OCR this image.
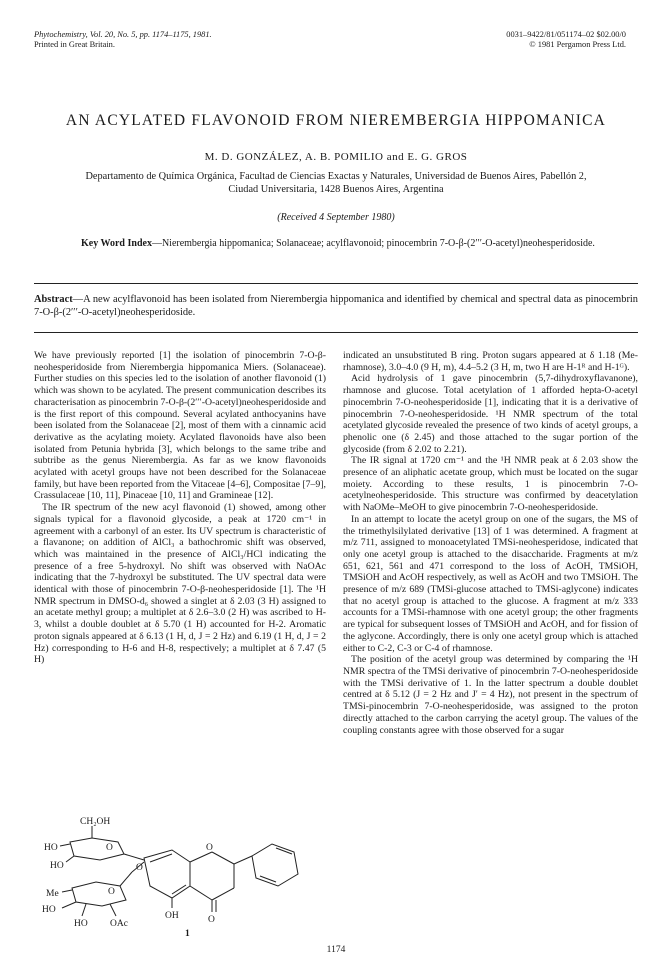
Phytochemistry, Vol. 20, No. 5, pp. 1174–1175, 1981.
Printed in Great Britain.
0031–9422/81/051174–02 $02.00/0
© 1981 Pergamon Press Ltd.
AN ACYLATED FLAVONOID FROM NIEREMBERGIA HIPPOMANICA
M. D. GONZÁLEZ, A. B. POMILIO and E. G. GROS
Departamento de Química Orgánica, Facultad de Ciencias Exactas y Naturales, Universidad de Buenos Aires, Pabellón 2,
Ciudad Universitaria, 1428 Buenos Aires, Argentina
(Received 4 September 1980)
Key Word Index—Nierembergia hippomanica; Solanaceae; acylflavonoid; pinocembrin 7-O-β-(2′′′-O-acetyl)neohesperidoside.
Abstract—A new acylflavonoid has been isolated from Nierembergia hippomanica and identified by chemical and spectral data as pinocembrin 7-O-β-(2′′′-O-acetyl)neohesperidoside.

We have previously reported [1] the isolation of pinocembrin 7-O-β-neohesperidoside from Nierembergia hippomanica Miers. (Solanaceae). Further studies on this species led to the isolation of another flavonoid (1) which was shown to be acylated. The present communication describes its characterisation as pinocembrin 7-O-β-(2′′′-O-acetyl)neohesperidoside and is the first report of this compound. Several acylated anthocyanins have been isolated from the Solanaceae [2], most of them with a cinnamic acid derivative as the acylating moiety. Acylated flavonoids have also been isolated from Petunia hybrida [3], which belongs to the same tribe and subtribe as the genus Nierembergia. As far as we know flavonoids acylated with acetyl groups have not been described for the Solanaceae family, but have been reported from the Vitaceae [4–6], Compositae [7–9], Crassulaceae [10, 11], Pinaceae [10, 11] and Gramineae [12].

The IR spectrum of the new acyl flavonoid (1) showed, among other signals typical for a flavonoid glycoside, a peak at 1720 cm⁻¹ in agreement with a carbonyl of an ester. Its UV spectrum is characteristic of a flavanone; on addition of AlCl₃ a bathochromic shift was observed, which was maintained in the presence of AlCl₃/HCl indicating the presence of a free 5-hydroxyl. No shift was observed with NaOAc indicating that the 7-hydroxyl be substituted. The UV spectral data were identical with those of pinocembrin 7-O-β-neohesperidoside [1]. The ¹H NMR spectrum in DMSO-d₆ showed a singlet at δ 2.03 (3 H) assigned to an acetate methyl group; a multiplet at δ 2.6–3.0 (2 H) was ascribed to H-3, whilst a double doublet at δ 5.70 (1 H) accounted for H-2. Aromatic proton signals appeared at δ 6.13 (1 H, d, J = 2 Hz) and 6.19 (1 H, d, J = 2 Hz) corresponding to H-6 and H-8, respectively; a multiplet at δ 7.47 (5 H)

indicated an unsubstituted B ring. Proton sugars appeared at δ 1.18 (Me-rhamnose), 3.0–4.0 (9 H, m), 4.4–5.2 (3 H, m, two H are H-1ᴿ and H-1ᴳ).

Acid hydrolysis of 1 gave pinocembrin (5,7-dihydroxyflavanone), rhamnose and glucose. Total acetylation of 1 afforded hepta-O-acetyl pinocembrin 7-O-neohesperidoside [1], indicating that it is a derivative of pinocembrin 7-O-neohesperidoside. ¹H NMR spectrum of the total acetylated glycoside revealed the presence of two kinds of acetyl groups, a phenolic one (δ 2.45) and those attached to the sugar portion of the glycoside (from δ 2.02 to 2.21).

The IR signal at 1720 cm⁻¹ and the ¹H NMR peak at δ 2.03 show the presence of an aliphatic acetate group, which must be located on the sugar moiety. According to these results, 1 is pinocembrin 7-O-acetylneohesperidoside. This structure was confirmed by deacetylation with NaOMe–MeOH to give pinocembrin 7-O-neohesperidoside.

In an attempt to locate the acetyl group on one of the sugars, the MS of the trimethylsilylated derivative [13] of 1 was determined. A fragment at m/z 711, assigned to monoacetylated TMSi-neohesperidose, indicated that only one acetyl group is attached to the disaccharide. Fragments at m/z 651, 621, 561 and 471 correspond to the loss of AcOH, TMSiOH, TMSiOH and AcOH respectively, as well as AcOH and two TMSiOH. The presence of m/z 689 (TMSi-glucose attached to TMSi-aglycone) indicates that no acetyl group is attached to the glucose. A fragment at m/z 333 accounts for a TMSi-rhamnose with one acetyl group; the other fragments are typical for subsequent losses of TMSiOH and AcOH, and for fission of the aglycone. Accordingly, there is only one acetyl group which is attached either to C-2, C-3 or C-4 of rhamnose.

The position of the acetyl group was determined by comparing the ¹H NMR spectra of the TMSi derivative of pinocembrin 7-O-neohesperidoside with the TMSi derivative of 1. In the latter spectrum a double doublet centred at δ 5.12 (J = 2 Hz and J′ = 4 Hz), not present in the spectrum of TMSi-pinocembrin 7-O-neohesperidoside, was assigned to the proton directly attached to the carbon carrying the acetyl group. The values of the coupling constants agree with those observed for a sugar

CH₂OH
HO
HO
O
O
O
Me
HO
HO OAc
OH	O
O
1
1174
